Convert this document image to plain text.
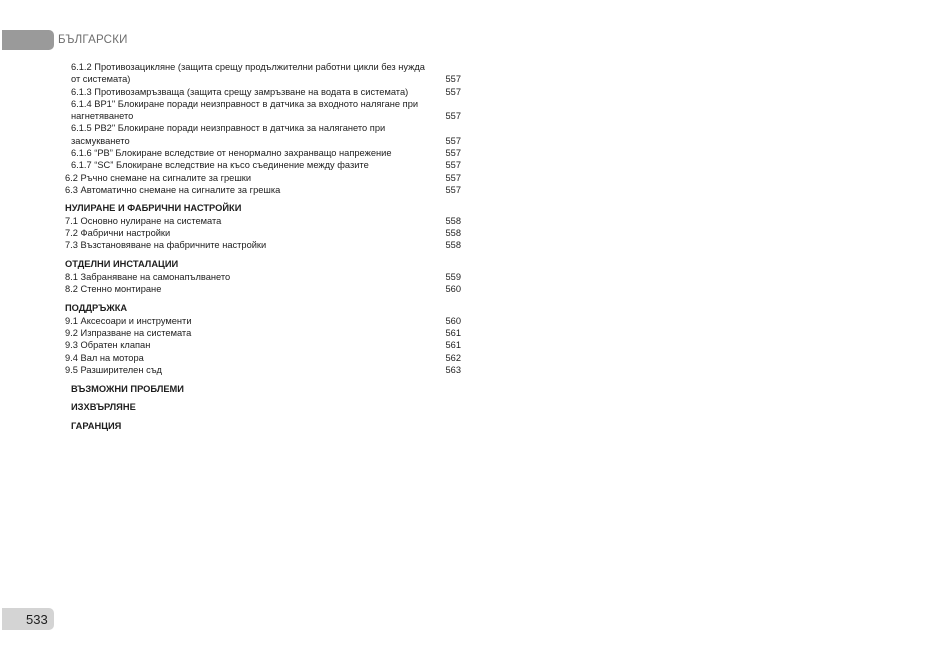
БЪЛГАРСКИ
6.1.2 Противозацикляне (защита срещу продължителни работни цикли без нужда от системата)	557
6.1.3 Противозамръзваща (защита срещу замръзване на водата в системата)	557
6.1.4 BP1" Блокиране поради неизправност в датчика за входното налягане при нагнетяването	557
6.1.5 PB2" Блокиране поради неизправност в датчика за налягането при засмукването	557
6.1.6 “PB” Блокиране вследствие от ненормално захранващо напрежение	557
6.1.7 “SC” Блокиране вследствие на късо съединение между фазите	557
6.2 Ръчно снемане на сигналите за грешки	557
6.3 Автоматично снемане на сигналите за грешка	557
НУЛИРАНЕ И ФАБРИЧНИ НАСТРОЙКИ
7.1 Основно нулиране на системата	558
7.2 Фабрични настройки	558
7.3 Възстановяване на фабричните настройки	558
ОТДЕЛНИ ИНСТАЛАЦИИ
8.1 Забраняване на самонапълването	559
8.2 Стенно монтиране	560
ПОДДРЪЖКА
9.1 Аксесоари и инструменти	560
9.2 Изпразване на системата	561
9.3 Обратен клапан	561
9.4 Вал на мотора	562
9.5 Разширителен съд	563
ВЪЗМОЖНИ ПРОБЛЕМИ
ИЗХВЪРЛЯНЕ
ГАРАНЦИЯ
533
